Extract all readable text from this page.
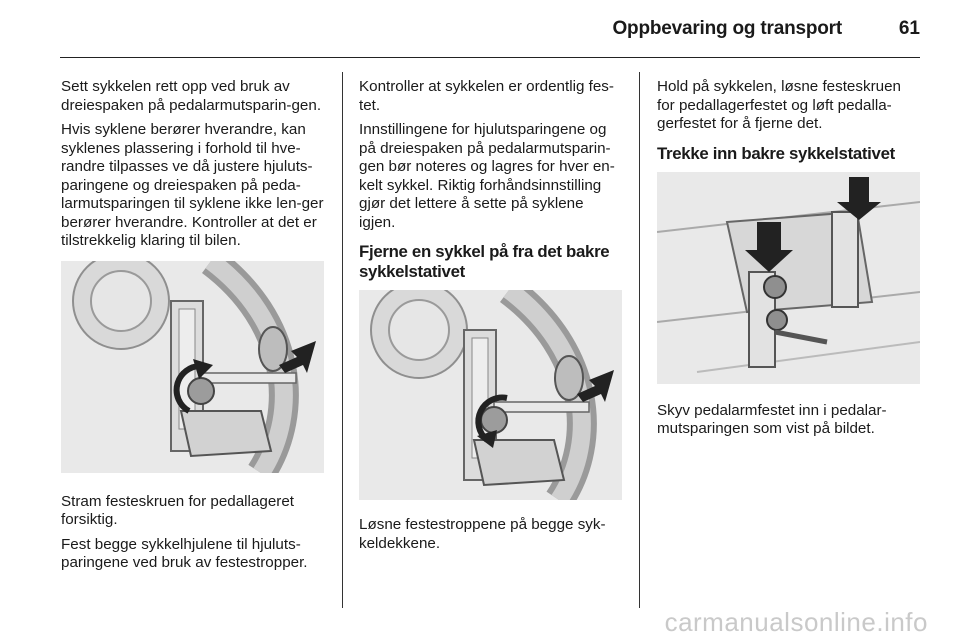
Oppbevaring og transport	61

Sett sykkelen rett opp ved bruk av dreiespaken på pedalarmutsparin-gen.

Hvis syklene berører hverandre, kan syklenes plassering i forhold til hve-randre tilpasses ve då justere hjuluts-paringene og dreiespaken på peda-larmutsparingen til syklene ikke len-ger berører hverandre. Kontroller at det er tilstrekkelig klaring til bilen.

Stram festeskruen for pedallageret forsiktig.

Fest begge sykkelhjulene til hjuluts-paringene ved bruk av festestropper.

Kontroller at sykkelen er ordentlig fes-tet.

Innstillingene for hjulutsparingene og på dreiespaken på pedalarmutsparin-gen bør noteres og lagres for hver en-kelt sykkel. Riktig forhåndsinnstilling gjør det lettere å sette på syklene igjen.

Fjerne en sykkel på fra det bakre sykkelstativet

Løsne festestroppene på begge syk-keldekkene.

Hold på sykkelen, løsne festeskruen for pedallagerfestet og løft pedalla-gerfestet for å fjerne det.

Trekke inn bakre sykkelstativet

Skyv pedalarmfestet inn i pedalar-mutsparingen som vist på bildet.

carmanualsonline.info
